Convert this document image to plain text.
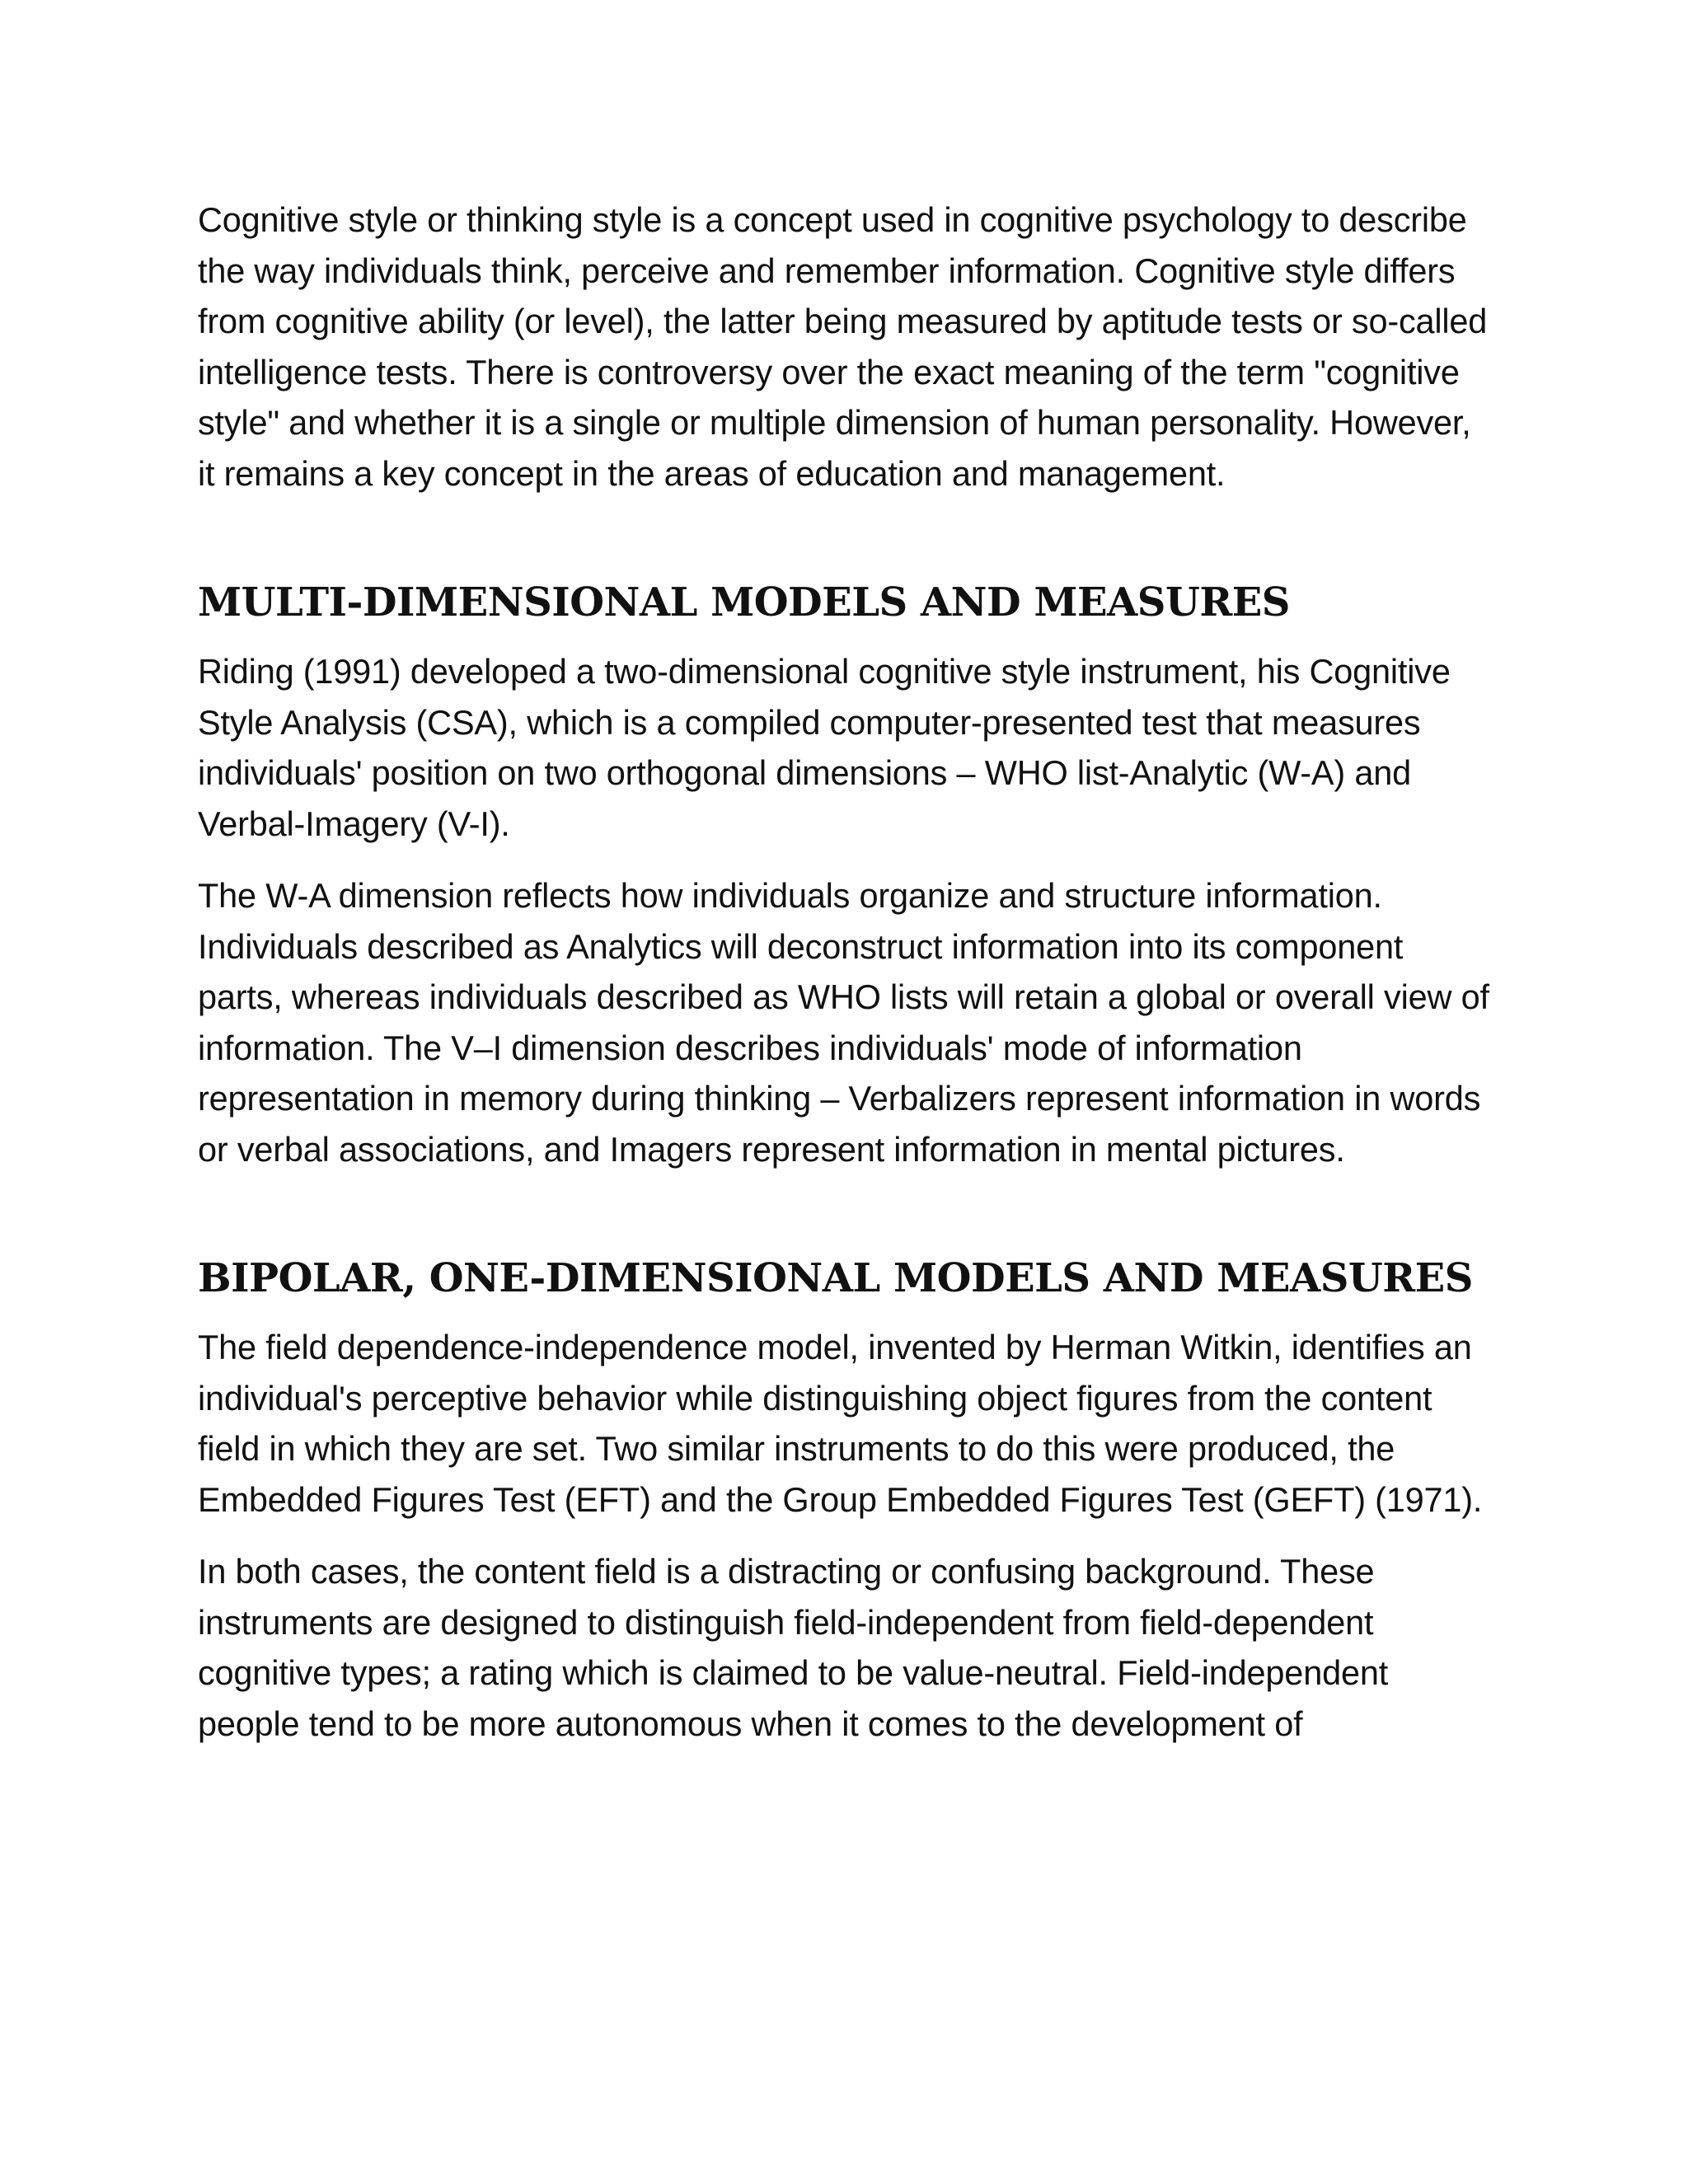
Cognitive style or thinking style is a concept used in cognitive psychology to describe the way individuals think, perceive and remember information. Cognitive style differs from cognitive ability (or level), the latter being measured by aptitude tests or so-called intelligence tests. There is controversy over the exact meaning of the term "cognitive style" and whether it is a single or multiple dimension of human personality. However, it remains a key concept in the areas of education and management.

MULTI-DIMENSIONAL MODELS AND MEASURES

Riding (1991) developed a two-dimensional cognitive style instrument, his Cognitive Style Analysis (CSA), which is a compiled computer-presented test that measures individuals' position on two orthogonal dimensions – WHO list-Analytic (W-A) and Verbal-Imagery (V-I).

The W-A dimension reflects how individuals organize and structure information. Individuals described as Analytics will deconstruct information into its component parts, whereas individuals described as WHO lists will retain a global or overall view of information. The V–I dimension describes individuals' mode of information representation in memory during thinking – Verbalizers represent information in words or verbal associations, and Imagers represent information in mental pictures.

BIPOLAR, ONE-DIMENSIONAL MODELS AND MEASURES

The field dependence-independence model, invented by Herman Witkin, identifies an individual's perceptive behavior while distinguishing object figures from the content field in which they are set. Two similar instruments to do this were produced, the Embedded Figures Test (EFT) and the Group Embedded Figures Test (GEFT) (1971).

In both cases, the content field is a distracting or confusing background. These instruments are designed to distinguish field-independent from field-dependent cognitive types; a rating which is claimed to be value-neutral. Field-independent people tend to be more autonomous when it comes to the development of
